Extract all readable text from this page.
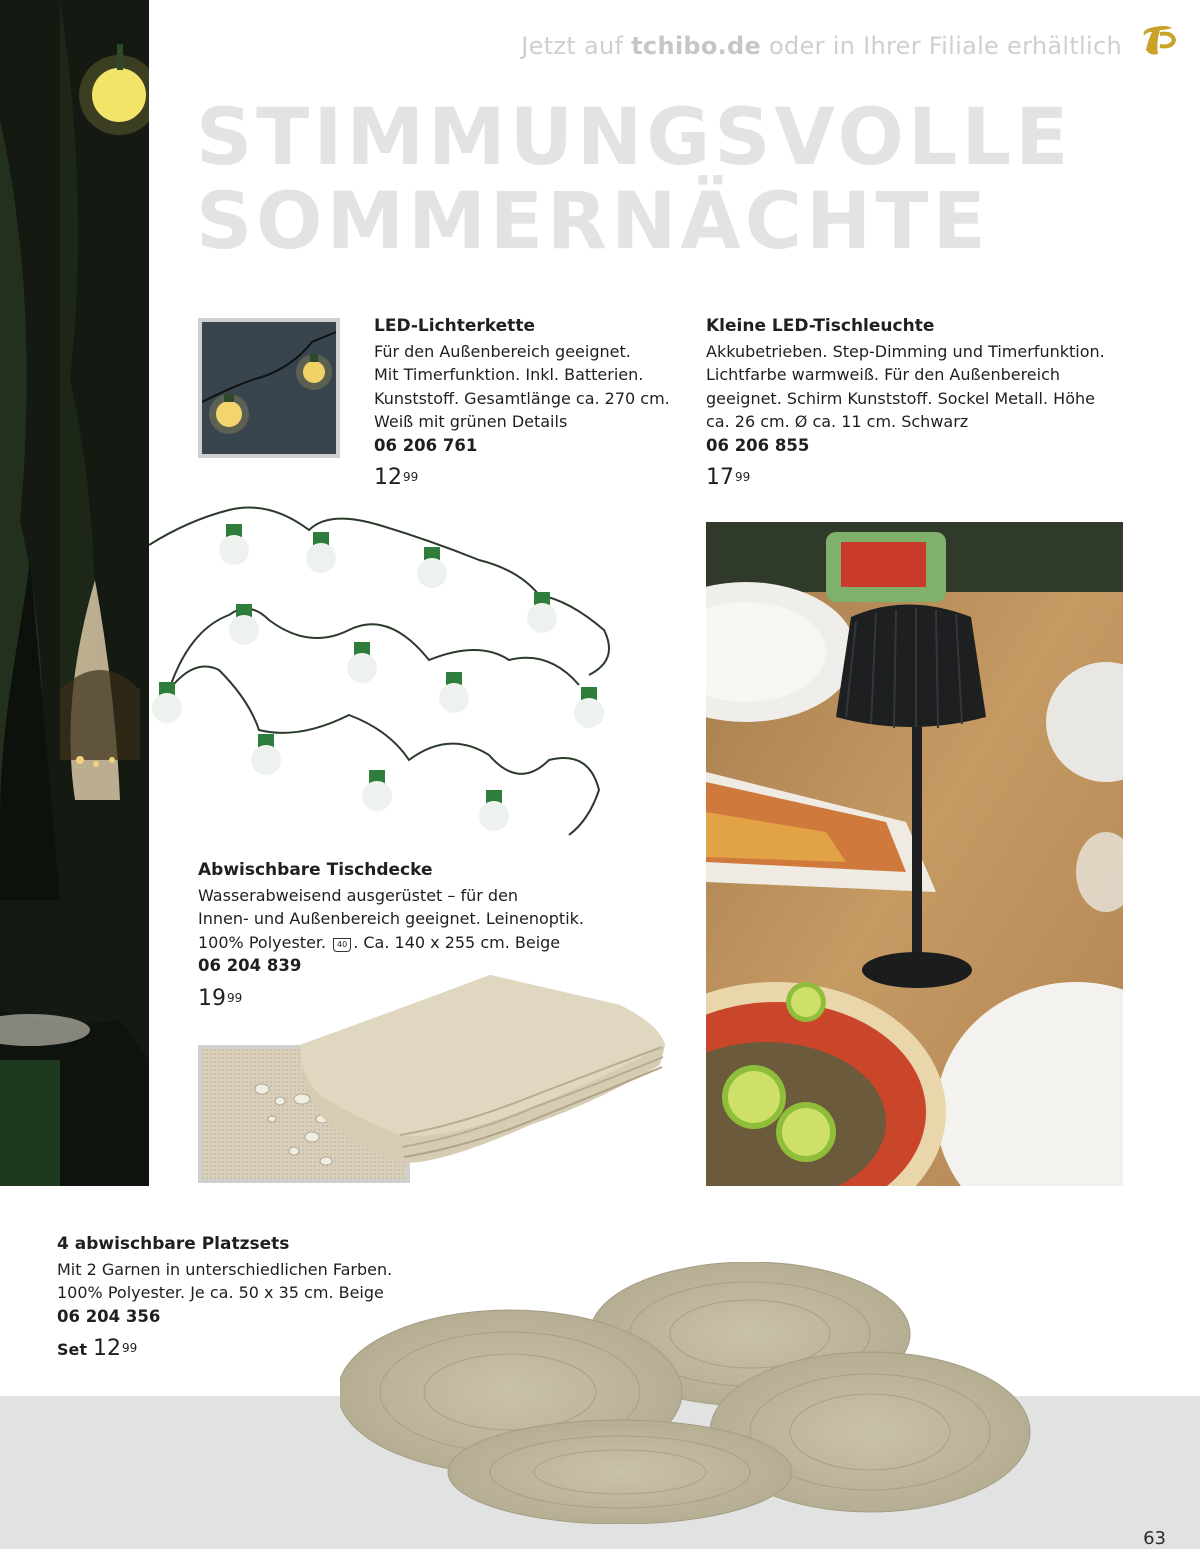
Jetzt auf tchibo.de oder in Ihrer Filiale erhältlich
STIMMUNGSVOLLE
SOMMERNÄCHTE
LED-Lichterkette
Für den Außenbereich geeignet.
Mit Timerfunktion. Inkl. Batterien.
Kunststoff. Gesamtlänge ca. 270 cm.
Weiß mit grünen Details
06 206 761
$12^{99}$
Kleine LED-Tischleuchte
Akkubetrieben. Step-Dimming und Timerfunktion.
Lichtfarbe warmweiß. Für den Außenbereich
geeignet. Schirm Kunststoff. Sockel Metall. Höhe
ca. 26 cm. Ø ca. 11 cm. Schwarz
06 206 855
$17^{99}$
Abwischbare Tischdecke
Wasserabweisend ausgerüstet – für den
Innen- und Außenbereich geeignet. Leinenoptik.
100% Polyester. 40 . Ca. 140 x 255 cm. Beige
06 204 839
$19^{99}$
4 abwischbare Platzsets
Mit 2 Garnen in unterschiedlichen Farben.
100% Polyester. Je ca. 50 x 35 cm. Beige
06 204 356
Set $12^{99}$
63
